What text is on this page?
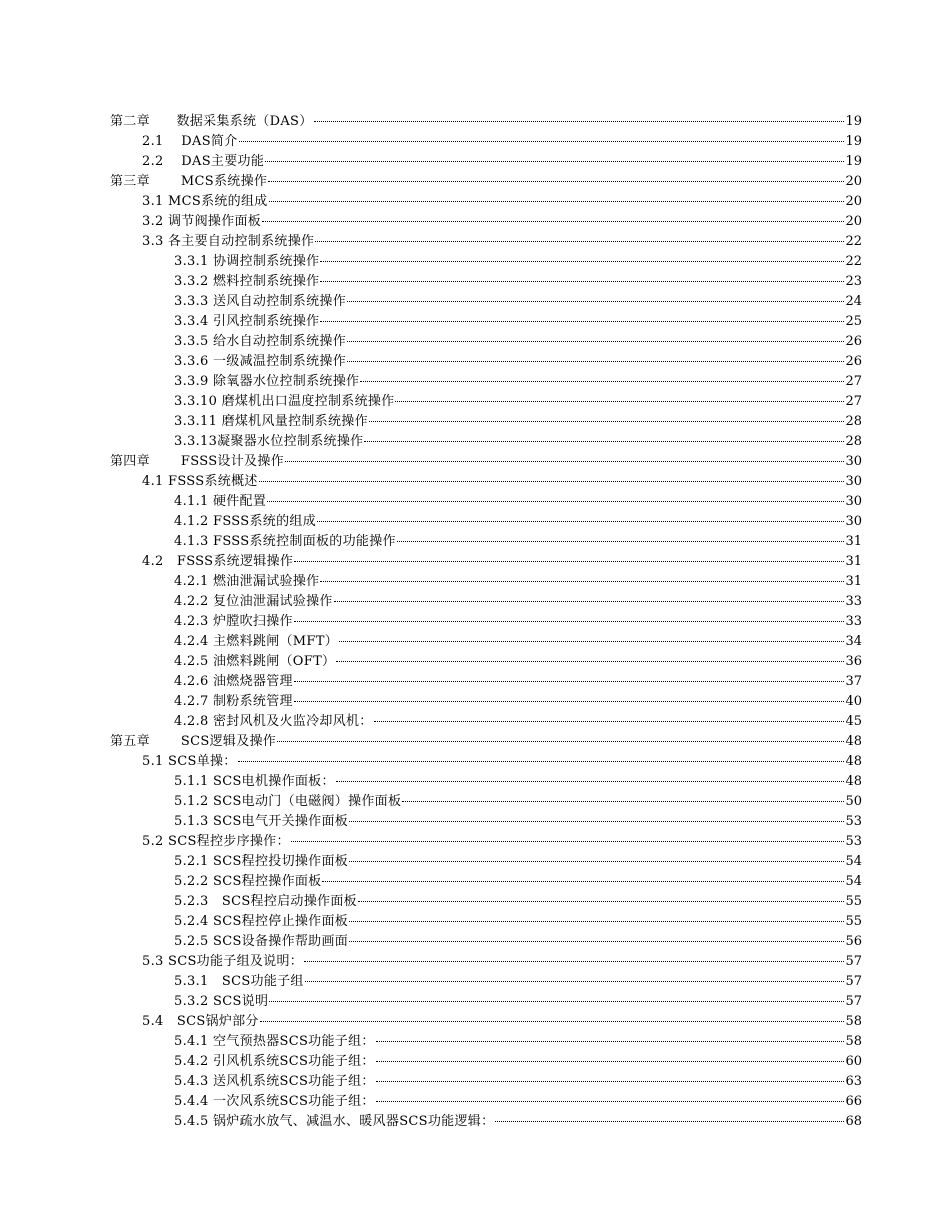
第二章　　数据采集系统（DAS）	19
2.1　 DAS简介	19
2.2　 DAS主要功能	19
第三章　　 MCS系统操作	20
3.1 MCS系统的组成	20
3.2 调节阀操作面板	20
3.3 各主要自动控制系统操作	22
3.3.1 协调控制系统操作	22
3.3.2 燃料控制系统操作	23
3.3.3 送风自动控制系统操作	24
3.3.4 引风控制系统操作	25
3.3.5 给水自动控制系统操作	26
3.3.6 一级减温控制系统操作	26
3.3.9 除氧器水位控制系统操作	27
3.3.10 磨煤机出口温度控制系统操作	27
3.3.11 磨煤机风量控制系统操作	28
3.3.13凝聚器水位控制系统操作	28
第四章　　 FSSS设计及操作	30
4.1 FSSS系统概述	30
4.1.1 硬件配置	30
4.1.2 FSSS系统的组成	30
4.1.3 FSSS系统控制面板的功能操作	31
4.2　FSSS系统逻辑操作	31
4.2.1 燃油泄漏试验操作	31
4.2.2 复位油泄漏试验操作	33
4.2.3 炉膛吹扫操作	33
4.2.4 主燃料跳闸（MFT）	34
4.2.5 油燃料跳闸（OFT）	36
4.2.6 油燃烧器管理	37
4.2.7 制粉系统管理	40
4.2.8 密封风机及火监冷却风机：	45
第五章　　 SCS逻辑及操作	48
5.1 SCS单操：	48
5.1.1 SCS电机操作面板：	48
5.1.2 SCS电动门（电磁阀）操作面板	50
5.1.3 SCS电气开关操作面板	53
5.2 SCS程控步序操作：	53
5.2.1 SCS程控投切操作面板	54
5.2.2 SCS程控操作面板	54
5.2.3　SCS程控启动操作面板	55
5.2.4 SCS程控停止操作面板	55
5.2.5 SCS设备操作帮助画面	56
5.3 SCS功能子组及说明：	57
5.3.1　SCS功能子组	57
5.3.2 SCS说明	57
5.4　SCS锅炉部分	58
5.4.1 空气预热器SCS功能子组：	58
5.4.2 引风机系统SCS功能子组：	60
5.4.3 送风机系统SCS功能子组：	63
5.4.4 一次风系统SCS功能子组：	66
5.4.5 锅炉疏水放气、减温水、暖风器SCS功能逻辑：	68
